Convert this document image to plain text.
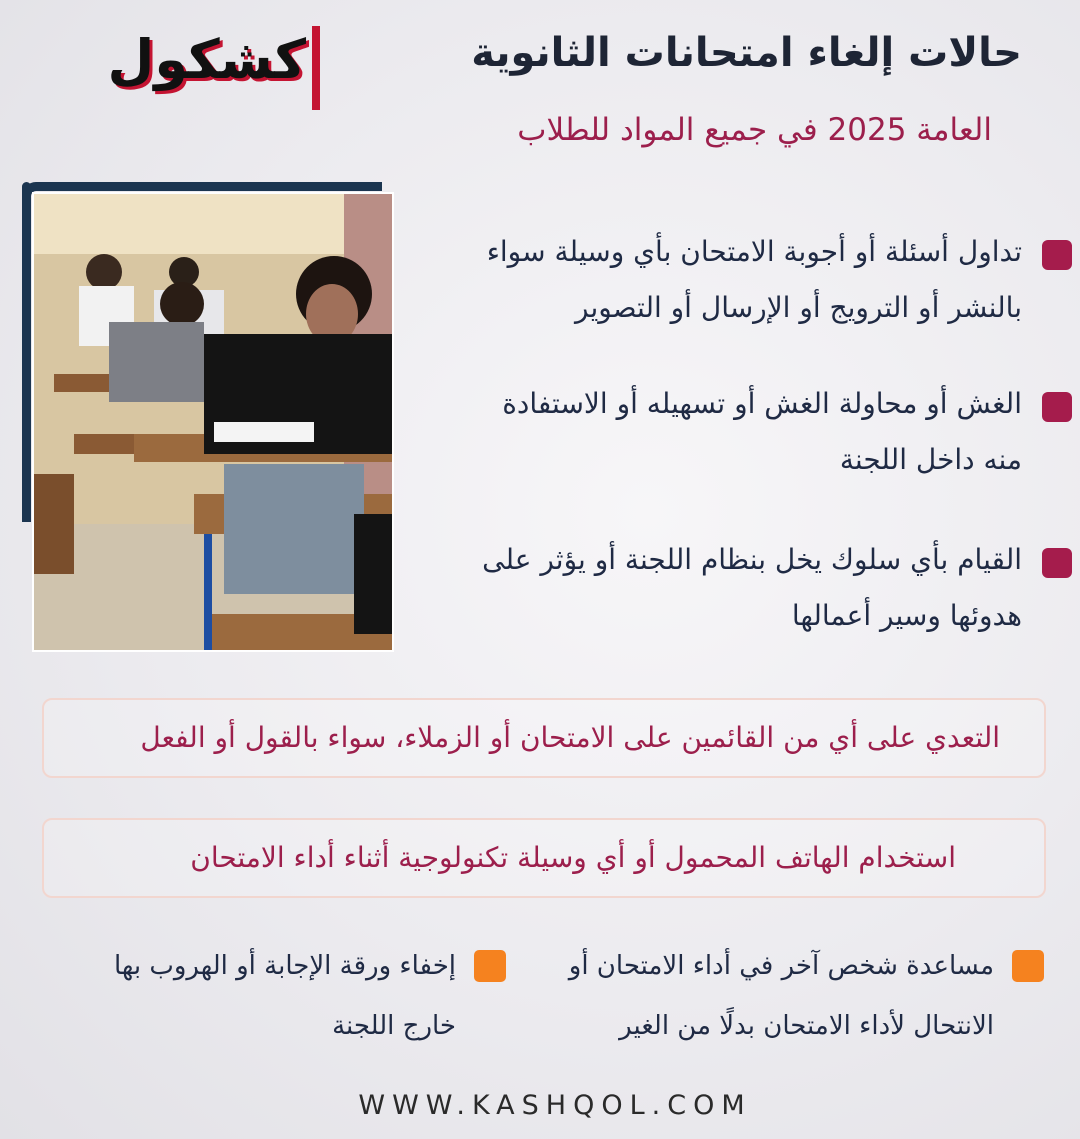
حالات إلغاء امتحانات الثانوية
العامة 2025 في جميع المواد للطلاب
كشكول
تداول أسئلة أو أجوبة الامتحان بأي وسيلة سواء
بالنشر أو الترويج أو الإرسال أو التصوير
الغش أو محاولة الغش أو تسهيله أو الاستفادة
منه داخل اللجنة
القيام بأي سلوك يخل بنظام اللجنة أو يؤثر على
هدوئها وسير أعمالها
التعدي على أي من القائمين على الامتحان أو الزملاء، سواء بالقول أو الفعل
استخدام الهاتف المحمول أو أي وسيلة تكنولوجية أثناء أداء الامتحان
مساعدة شخص آخر في أداء الامتحان أو
الانتحال لأداء الامتحان بدلًا من الغير
إخفاء ورقة الإجابة أو الهروب بها
خارج اللجنة
WWW.KASHQOL.COM
